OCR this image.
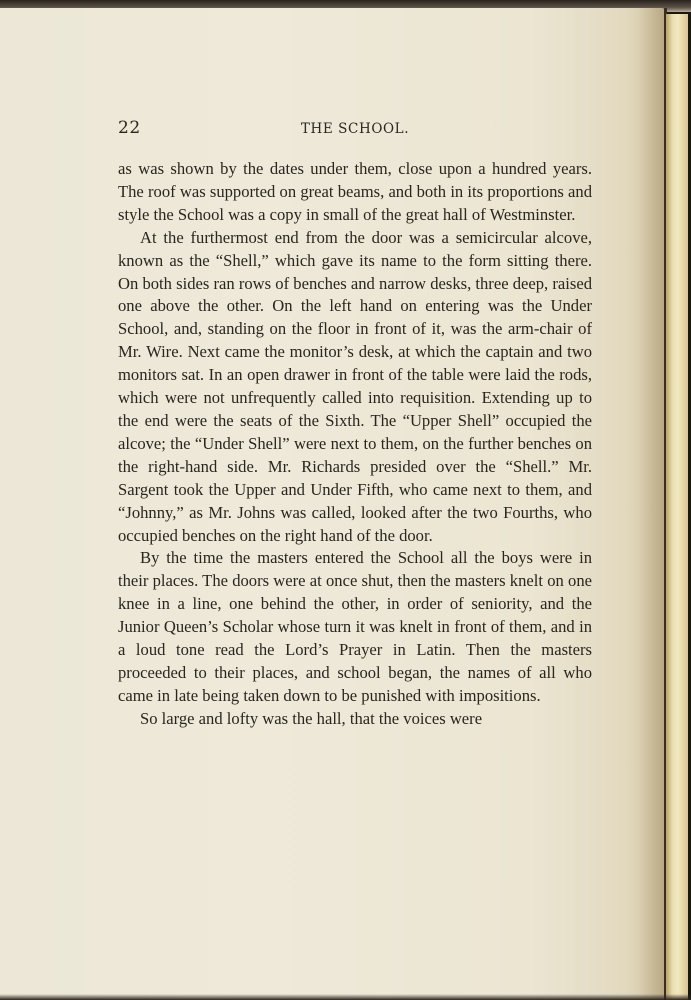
22	THE SCHOOL.

as was shown by the dates under them, close upon a hundred years. The roof was supported on great beams, and both in its proportions and style the School was a copy in small of the great hall of Westminster.

At the furthermost end from the door was a semicircular alcove, known as the “Shell,” which gave its name to the form sitting there. On both sides ran rows of benches and narrow desks, three deep, raised one above the other. On the left hand on entering was the Under School, and, standing on the floor in front of it, was the arm-chair of Mr. Wire. Next came the monitor’s desk, at which the captain and two monitors sat. In an open drawer in front of the table were laid the rods, which were not unfrequently called into requisition. Extending up to the end were the seats of the Sixth. The “Upper Shell” occupied the alcove; the “Under Shell” were next to them, on the further benches on the right-hand side. Mr. Richards presided over the “Shell.” Mr. Sargent took the Upper and Under Fifth, who came next to them, and “Johnny,” as Mr. Johns was called, looked after the two Fourths, who occupied benches on the right hand of the door.

By the time the masters entered the School all the boys were in their places. The doors were at once shut, then the masters knelt on one knee in a line, one behind the other, in order of seniority, and the Junior Queen’s Scholar whose turn it was knelt in front of them, and in a loud tone read the Lord’s Prayer in Latin. Then the masters proceeded to their places, and school began, the names of all who came in late being taken down to be punished with impositions.

So large and lofty was the hall, that the voices were
